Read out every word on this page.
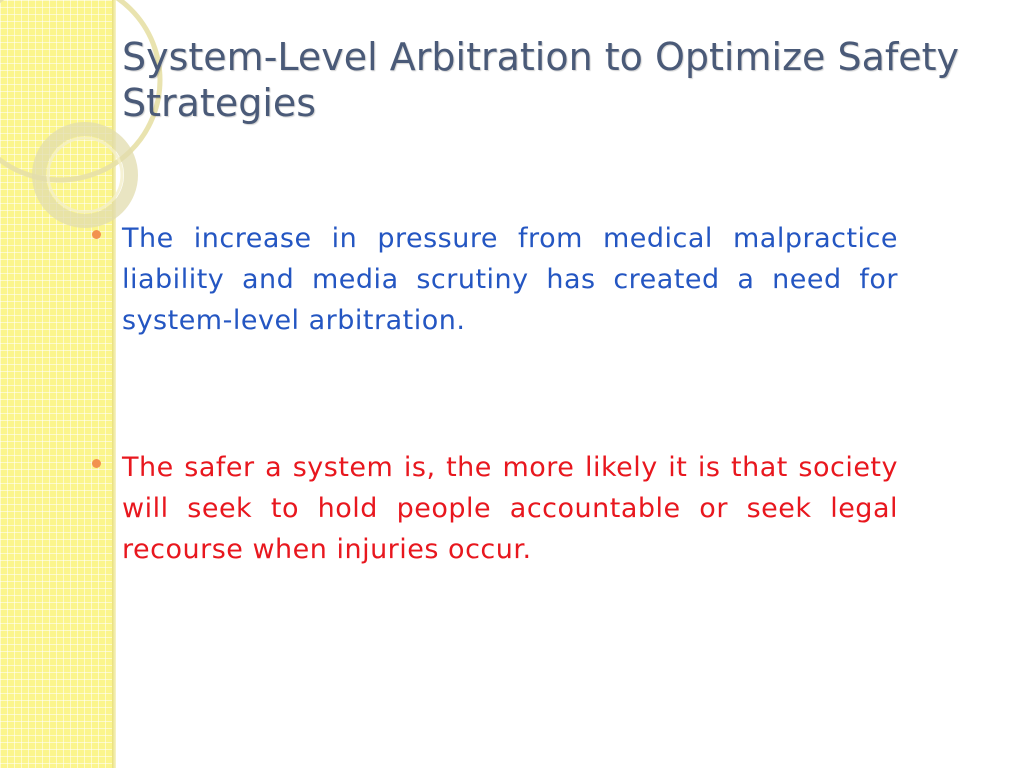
System-Level Arbitration to Optimize Safety Strategies

The increase in pressure from medical malpractice liability and media scrutiny has created a need for system-level arbitration.

The safer a system is, the more likely it is that society will seek to hold people accountable or seek legal recourse when injuries occur.
